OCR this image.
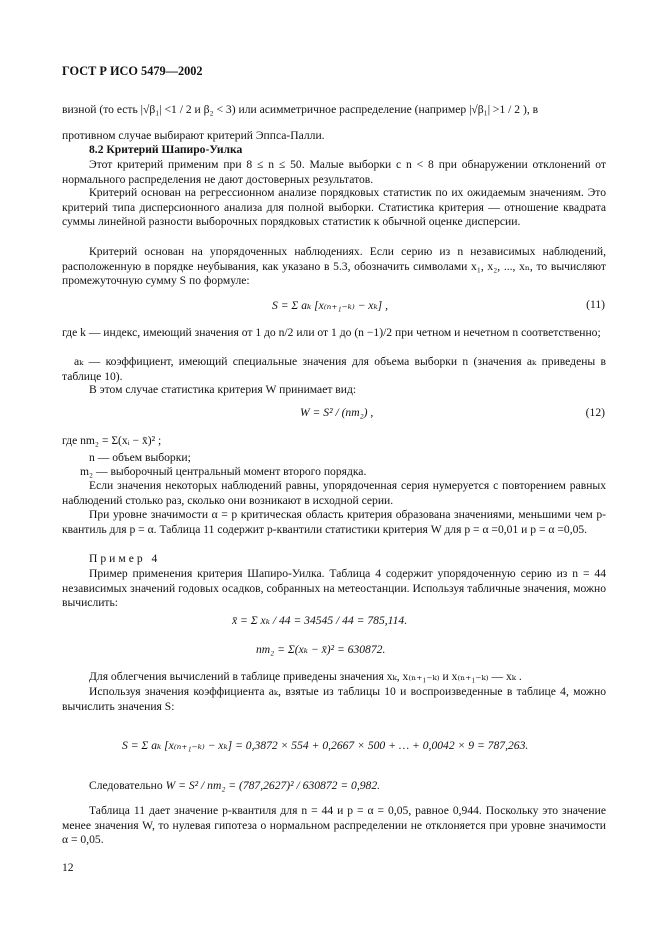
ГОСТ Р ИСО 5479—2002
визной (то есть |√β₁| <1 / 2 и β₂ < 3) или асимметричное распределение (например |√β₁| >1 / 2 ), в
противном случае выбирают критерий Эппса-Палли.
8.2 Критерий Шапиро-Уилка
Этот критерий применим при 8 ≤ n ≤ 50. Малые выборки с n < 8 при обнаружении отклонений от нормального распределения не дают достоверных результатов.
Критерий основан на регрессионном анализе порядковых статистик по их ожидаемым значениям. Это критерий типа дисперсионного анализа для полной выборки. Статистика критерия — отношение квадрата суммы линейной разности выборочных порядковых статистик к обычной оценке дисперсии.
Критерий основан на упорядоченных наблюдениях. Если серию из n независимых наблюдений, расположенную в порядке неубывания, как указано в 5.3, обозначить символами x₁, x₂, ..., xₙ, то вычисляют промежуточную сумму S по формуле:
S = Σ aₖ [x₍ₙ₊₁₋ₖ₎ − xₖ] ,	(11)
где k — индекс, имеющий значения от 1 до n/2 или от 1 до (n −1)/2 при четном и нечетном n соответственно;
aₖ — коэффициент, имеющий специальные значения для объема выборки n (значения aₖ приведены в таблице 10).
В этом случае статистика критерия W принимает вид:
W = S² / (nm₂) ,	(12)
где nm₂ = Σ(xᵢ − x̄)² ;
n — объем выборки;
m₂ — выборочный центральный момент второго порядка.
Если значения некоторых наблюдений равны, упорядоченная серия нумеруется с повторением равных наблюдений столько раз, сколько они возникают в исходной серии.
При уровне значимости α = p критическая область критерия образована значениями, меньшими чем p-квантиль для p = α. Таблица 11 содержит p-квантили статистики критерия W для p = α =0,01 и p = α =0,05.
Пример 4
Пример применения критерия Шапиро-Уилка. Таблица 4 содержит упорядоченную серию из n = 44 независимых значений годовых осадков, собранных на метеостанции. Используя табличные значения, можно вычислить:
x̄ = Σ xₖ / 44 = 34545 / 44 = 785,114.
nm₂ = Σ(xₖ − x̄)² = 630872.
Для облегчения вычислений в таблице приведены значения xₖ, x₍ₙ₊₁₋ₖ₎ и x₍ₙ₊₁₋ₖ₎ — xₖ .
Используя значения коэффициента aₖ, взятые из таблицы 10 и воспроизведенные в таблице 4, можно вычислить значения S:
S = Σ aₖ [x₍ₙ₊₁₋ₖ₎ − xₖ] = 0,3872 × 554 + 0,2667 × 500 + … + 0,0042 × 9 = 787,263.
Следовательно W = S² / nm₂ = (787,2627)² / 630872 = 0,982.
Таблица 11 дает значение p-квантиля для n = 44 и p = α = 0,05, равное 0,944. Поскольку это значение менее значения W, то нулевая гипотеза о нормальном распределении не отклоняется при уровне значимости α = 0,05.
12
